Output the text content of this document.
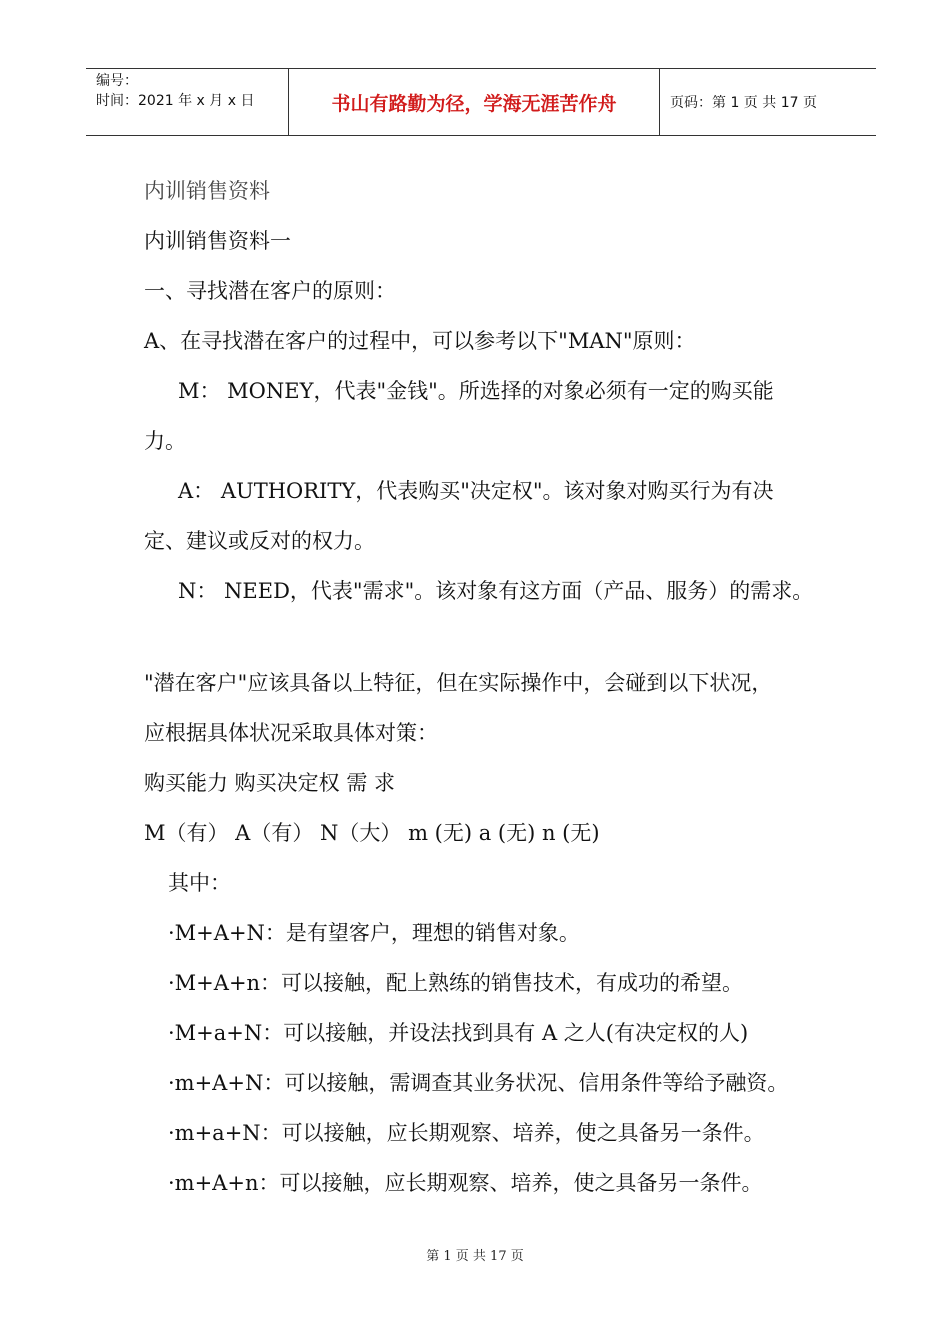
编号：
时间：2021 年 x 月 x 日	书山有路勤为径，学海无涯苦作舟	页码：第 1 页 共 17 页
内训销售资料
内训销售资料一
一、寻找潜在客户的原则：
A、在寻找潜在客户的过程中，可以参考以下"MAN"原则：
M： MONEY，代表"金钱"。所选择的对象必须有一定的购买能
力。
A： AUTHORITY，代表购买"决定权"。该对象对购买行为有决
定、建议或反对的权力。
N： NEED，代表"需求"。该对象有这方面（产品、服务）的需求。
"潜在客户"应该具备以上特征，但在实际操作中，会碰到以下状况，
应根据具体状况采取具体对策：
购买能力 购买决定权 需 求
M（有） A（有） N（大） m (无) a (无) n (无)
其中：
·M+A+N：是有望客户，理想的销售对象。
·M+A+n：可以接触，配上熟练的销售技术，有成功的希望。
·M+a+N：可以接触，并设法找到具有 A 之人(有决定权的人)
·m+A+N：可以接触，需调查其业务状况、信用条件等给予融资。
·m+a+N：可以接触，应长期观察、培养，使之具备另一条件。
·m+A+n：可以接触，应长期观察、培养，使之具备另一条件。
第 1 页 共 17 页
